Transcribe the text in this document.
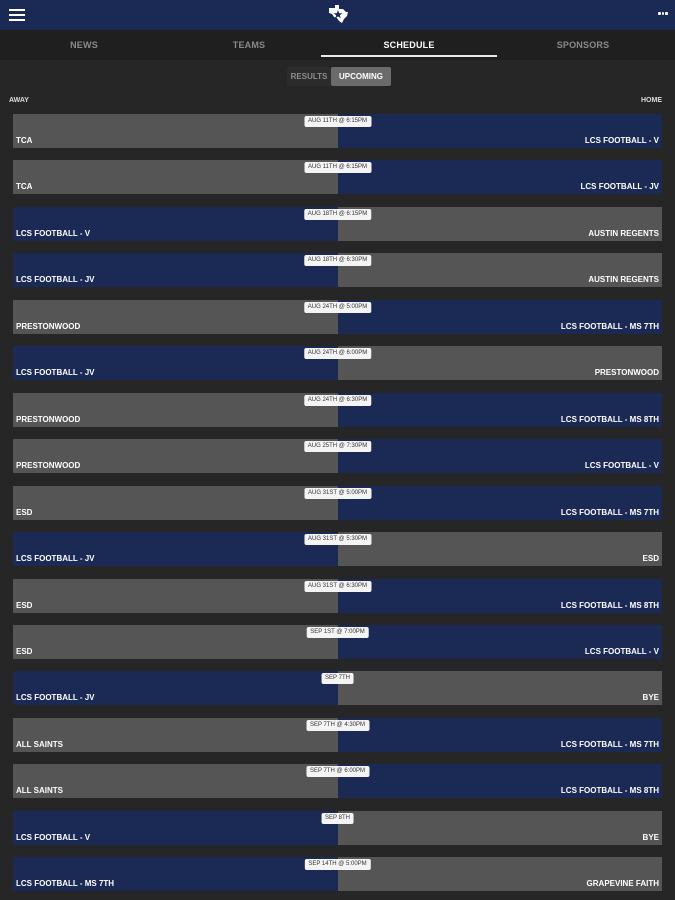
NEWS	TEAMS	SCHEDULE	SPONSORS
RESULTS	UPCOMING
AWAY	HOME
TCA	LCS FOOTBALL - V
AUG 11TH @ 6:15PM
TCA	LCS FOOTBALL - JV
AUG 11TH @ 6:15PM
LCS FOOTBALL - V	AUSTIN REGENTS
AUG 18TH @ 6:15PM
LCS FOOTBALL - JV	AUSTIN REGENTS
AUG 18TH @ 6:30PM
PRESTONWOOD	LCS FOOTBALL - MS 7TH
AUG 24TH @ 5:00PM
LCS FOOTBALL - JV	PRESTONWOOD
AUG 24TH @ 6:00PM
PRESTONWOOD	LCS FOOTBALL - MS 8TH
AUG 24TH @ 6:30PM
PRESTONWOOD	LCS FOOTBALL - V
AUG 25TH @ 7:30PM
ESD	LCS FOOTBALL - MS 7TH
AUG 31ST @ 5:00PM
LCS FOOTBALL - JV	ESD
AUG 31ST @ 5:30PM
ESD	LCS FOOTBALL - MS 8TH
AUG 31ST @ 6:30PM
ESD	LCS FOOTBALL - V
SEP 1ST @ 7:00PM
LCS FOOTBALL - JV	BYE
SEP 7TH
ALL SAINTS	LCS FOOTBALL - MS 7TH
SEP 7TH @ 4:30PM
ALL SAINTS	LCS FOOTBALL - MS 8TH
SEP 7TH @ 6:00PM
LCS FOOTBALL - V	BYE
SEP 8TH
LCS FOOTBALL - MS 7TH	GRAPEVINE FAITH
SEP 14TH @ 5:00PM
